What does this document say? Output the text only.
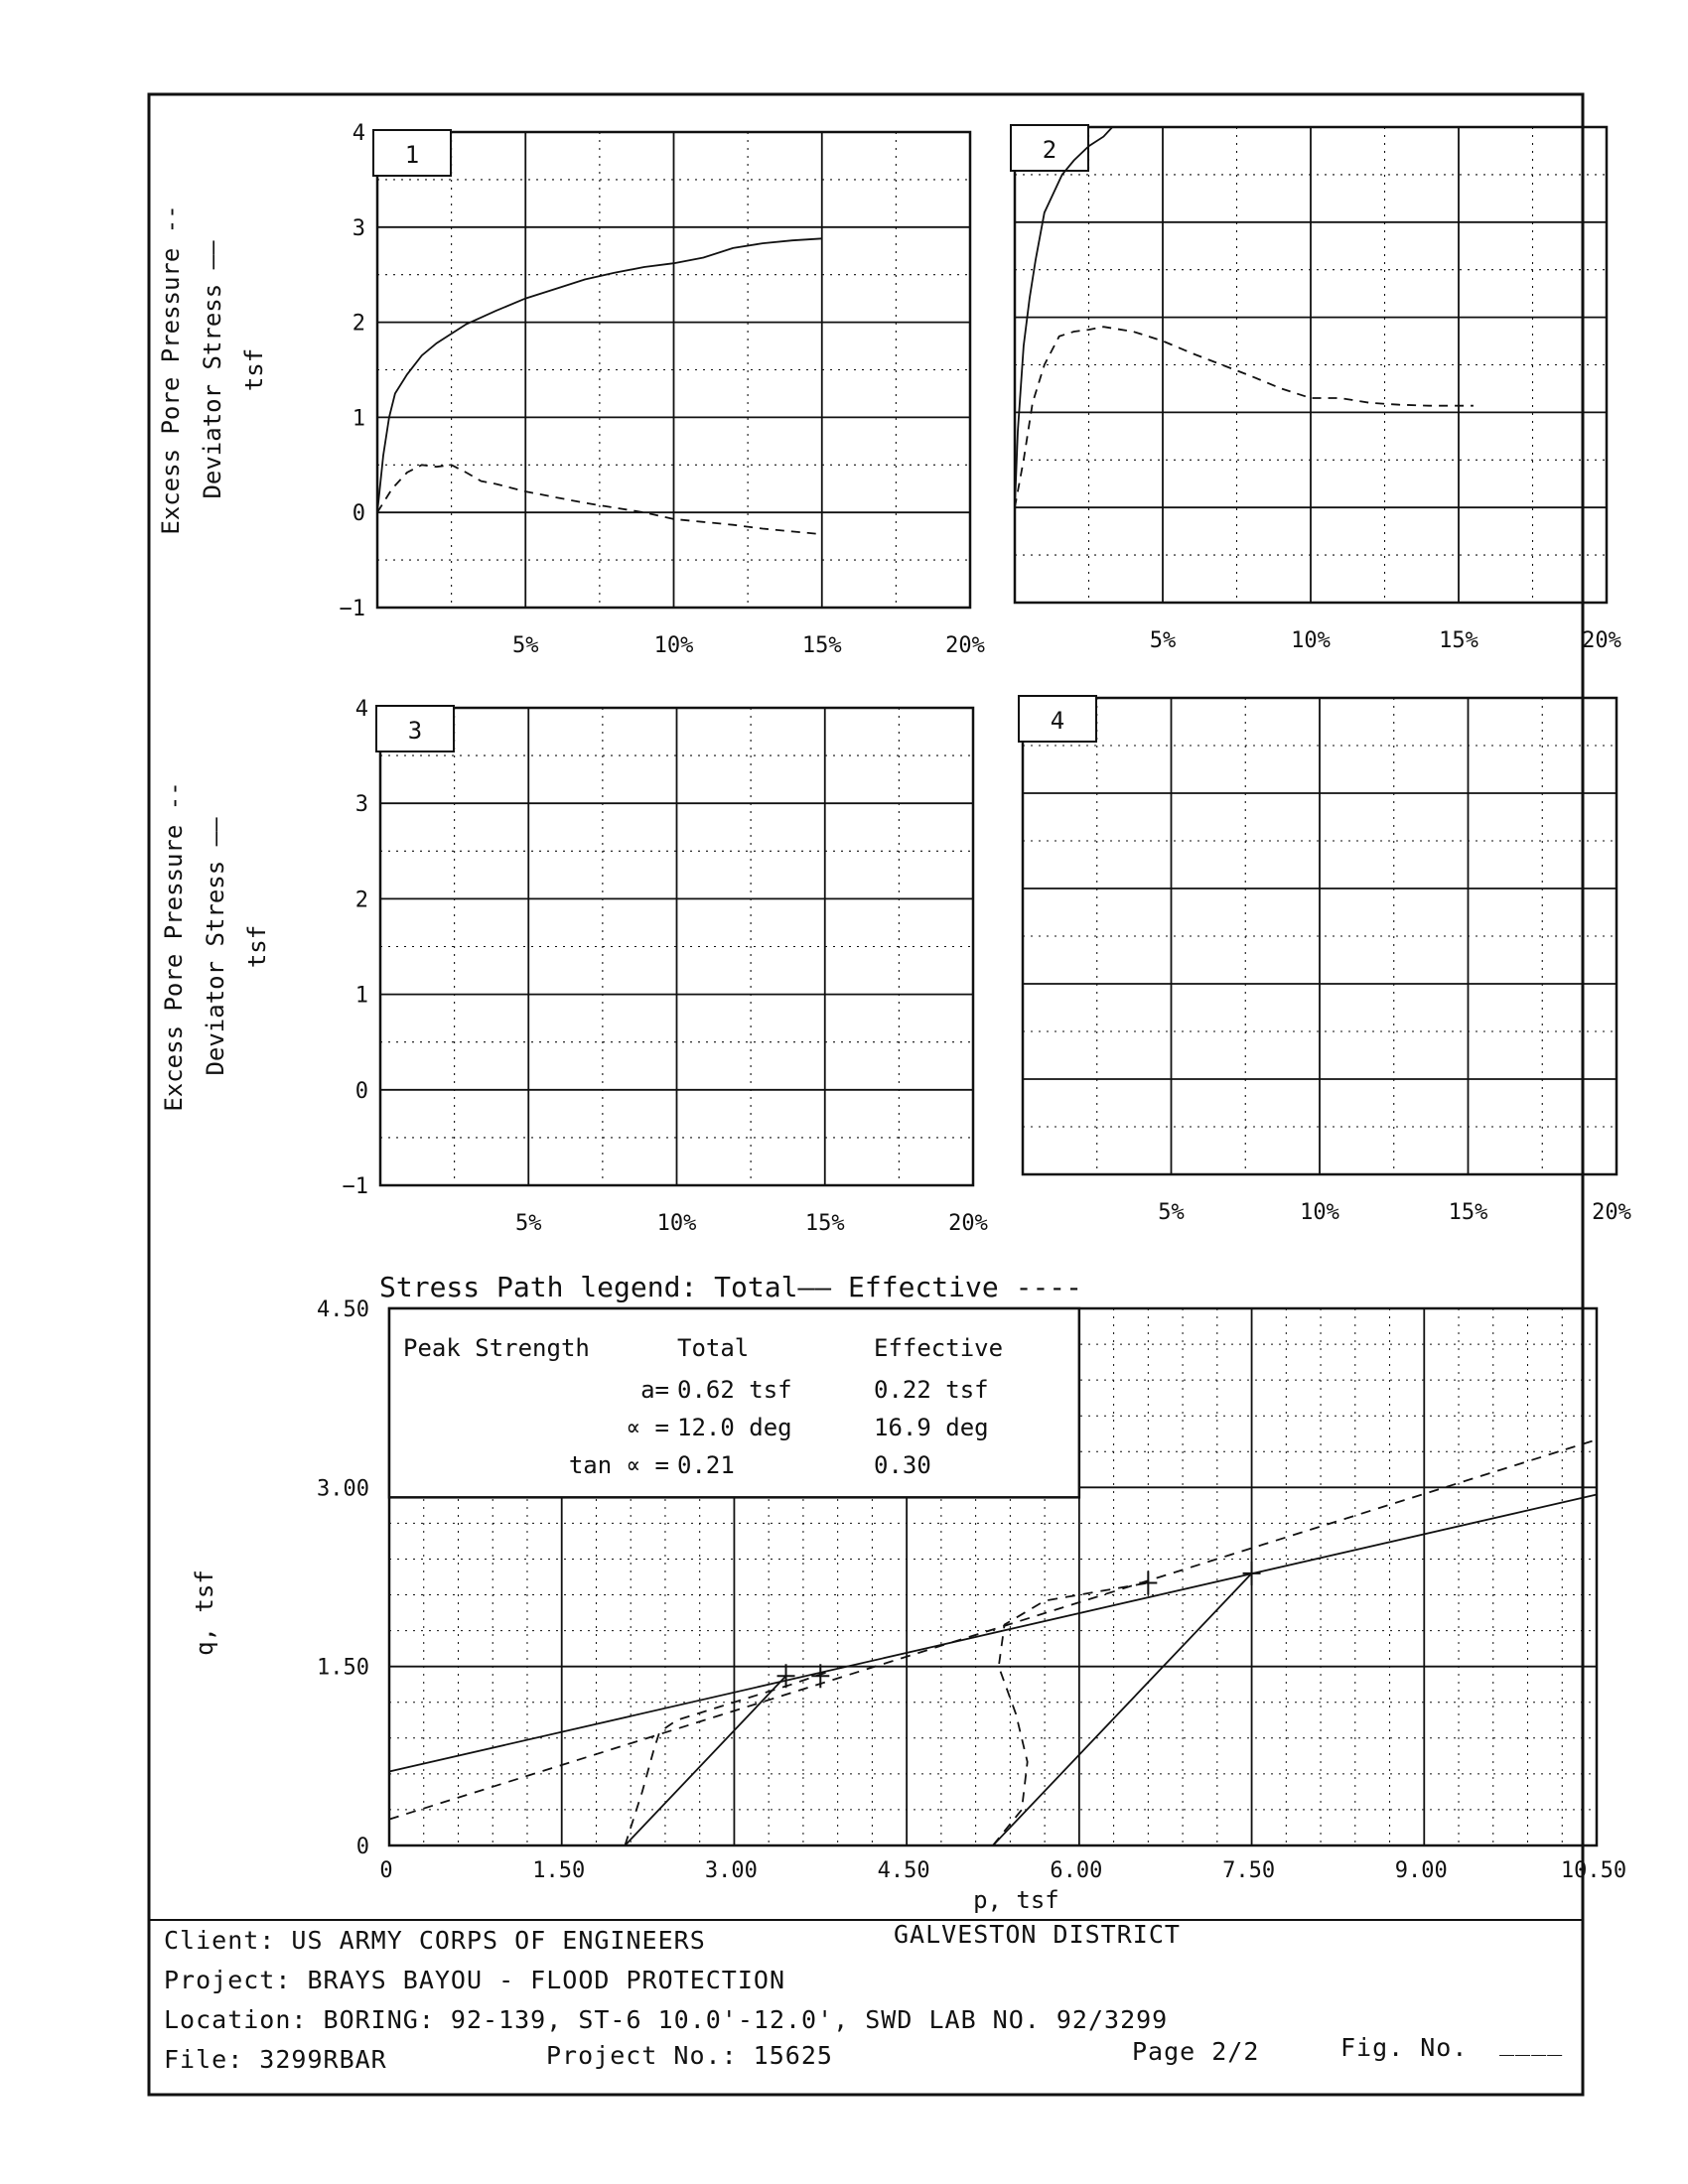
1
5%	10%	15%	20%
4
3
2
1
0
−1
Excess Pore Pressure -- Deviator Stress —— tsf
2
5%	10%	15%	20%
3
5%	10%	15%	20%
4
3
2
1
0
−1
Excess Pore Pressure -- Deviator Stress —— tsf
4
5%	10%	15%	20%
Peak Strength	Total	Effective
a= 0.62 tsf	0.22 tsf
∝ = 12.0 deg	16.9 deg
tan ∝ = 0.21	0.30
Stress Path legend: Total—— Effective ----
0	1.50	3.00	4.50	6.00	7.50	9.00	10.50
0
1.50
3.00
4.50
p, tsf
q, tsf
Client: US ARMY CORPS OF ENGINEERS	GALVESTON DISTRICT
Project: BRAYS BAYOU - FLOOD PROTECTION
Location: BORING: 92-139, ST-6 10.0'-12.0', SWD LAB NO. 92/3299
File: 3299RBAR	Project No.: 15625	Page 2/2	Fig. No. ____
